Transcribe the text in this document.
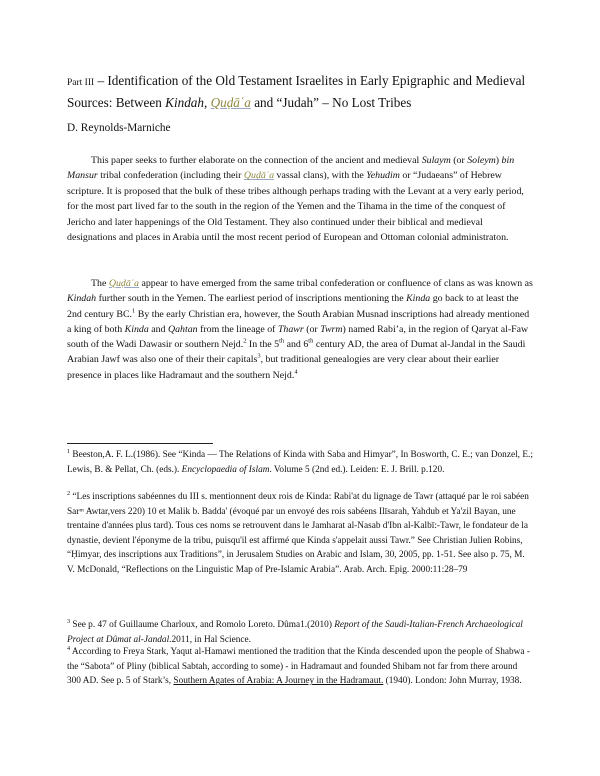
Part III – Identification of the Old Testament Israelites in Early Epigraphic and Medieval Sources: Between Kindah, Quḍāʿa and “Judah” – No Lost Tribes
D. Reynolds-Marniche

This paper seeks to further elaborate on the connection of the ancient and medieval Sulaym (or Soleym) bin Mansur tribal confederation (including their Quḍāʿa vassal clans), with the Yehudim or “Judaeans” of Hebrew scripture. It is proposed that the bulk of these tribes although perhaps trading with the Levant at a very early period, for the most part lived far to the south in the region of the Yemen and the Tihama in the time of the conquest of Jericho and later happenings of the Old Testament. They also continued under their biblical and medieval designations and places in Arabia until the most recent period of European and Ottoman colonial administraton.

The Quḍāʿa appear to have emerged from the same tribal confederation or confluence of clans as was known as Kindah further south in the Yemen. The earliest period of inscriptions mentioning the Kinda go back to at least the 2nd century BC.$^1$ By the early Christian era, however, the South Arabian Musnad inscriptions had already mentioned a king of both Kinda and Qahtan from the lineage of Thawr (or Twrm) named Rabi’a, in the region of Qaryat al-Faw south of the Wadi Dawasir or southern Nejd.$^2$ In the 5th and 6th century AD, the area of Dumat al-Jandal in the Saudi Arabian Jawf was also one of their their capitals$^3$, but traditional genealogies are very clear about their earlier presence in places like Hadramaut and the southern Nejd.$^4$

$^1$ Beeston,A. F. L.(1986). See “Kinda — The Relations of Kinda with Saba and Himyar”, In Bosworth, C. E.; van Donzel, E.; Lewis, B. & Pellat, Ch. (eds.). Encyclopaedia of Islam. Volume 5 (2nd ed.). Leiden: E. J. Brill. p.120.

$^2$ “Les inscriptions sabéennes du III s. mentionnent deux rois de Kinda: Rabi'at du lignage de Tawr (attaqué par le roi sabéen Sarᵐ Awtar,vers 220) 10 et Malik b. Badda' (évoqué par un envoyé des rois sabéens Ilīsarah, Yahdub et Ya'zil Bayan, une trentaine d'années plus tard). Tous ces noms se retrouvent dans le Jamharat al-Nasab d'Ibn al-Kalbī:-Tawr, le fondateur de la dynastie, devient l'éponyme de la tribu, puisqu'il est affirmé que Kinda s'appelait aussi Tawr.” See Christian Julien Robins, “Ḥimyar, des inscriptions aux Traditions”, in Jerusalem Studies on Arabic and Islam, 30, 2005, pp. 1-51. See also p. 75, M. V. McDonald, “Reflections on the Linguistic Map of Pre-Islamic Arabia”. Arab. Arch. Epig. 2000:11:28–79

$^3$ See p. 47 of Guillaume Charloux, and Romolo Loreto. Dûma1.(2010) Report of the Saudi-Italian-French Archaeological Project at Dûmat al-Jandal.2011, in Hal Science.

$^4$ According to Freya Stark, Yaqut al-Hamawi mentioned the tradition that the Kinda descended upon the people of Shabwa - the “Sabota” of Pliny (biblical Sabtah, according to some) - in Hadramaut and founded Shibam not far from there around 300 AD. See p. 5 of Stark’s, Southern Agates of Arabia: A Journey in the Hadramaut. (1940). London: John Murray, 1938.
